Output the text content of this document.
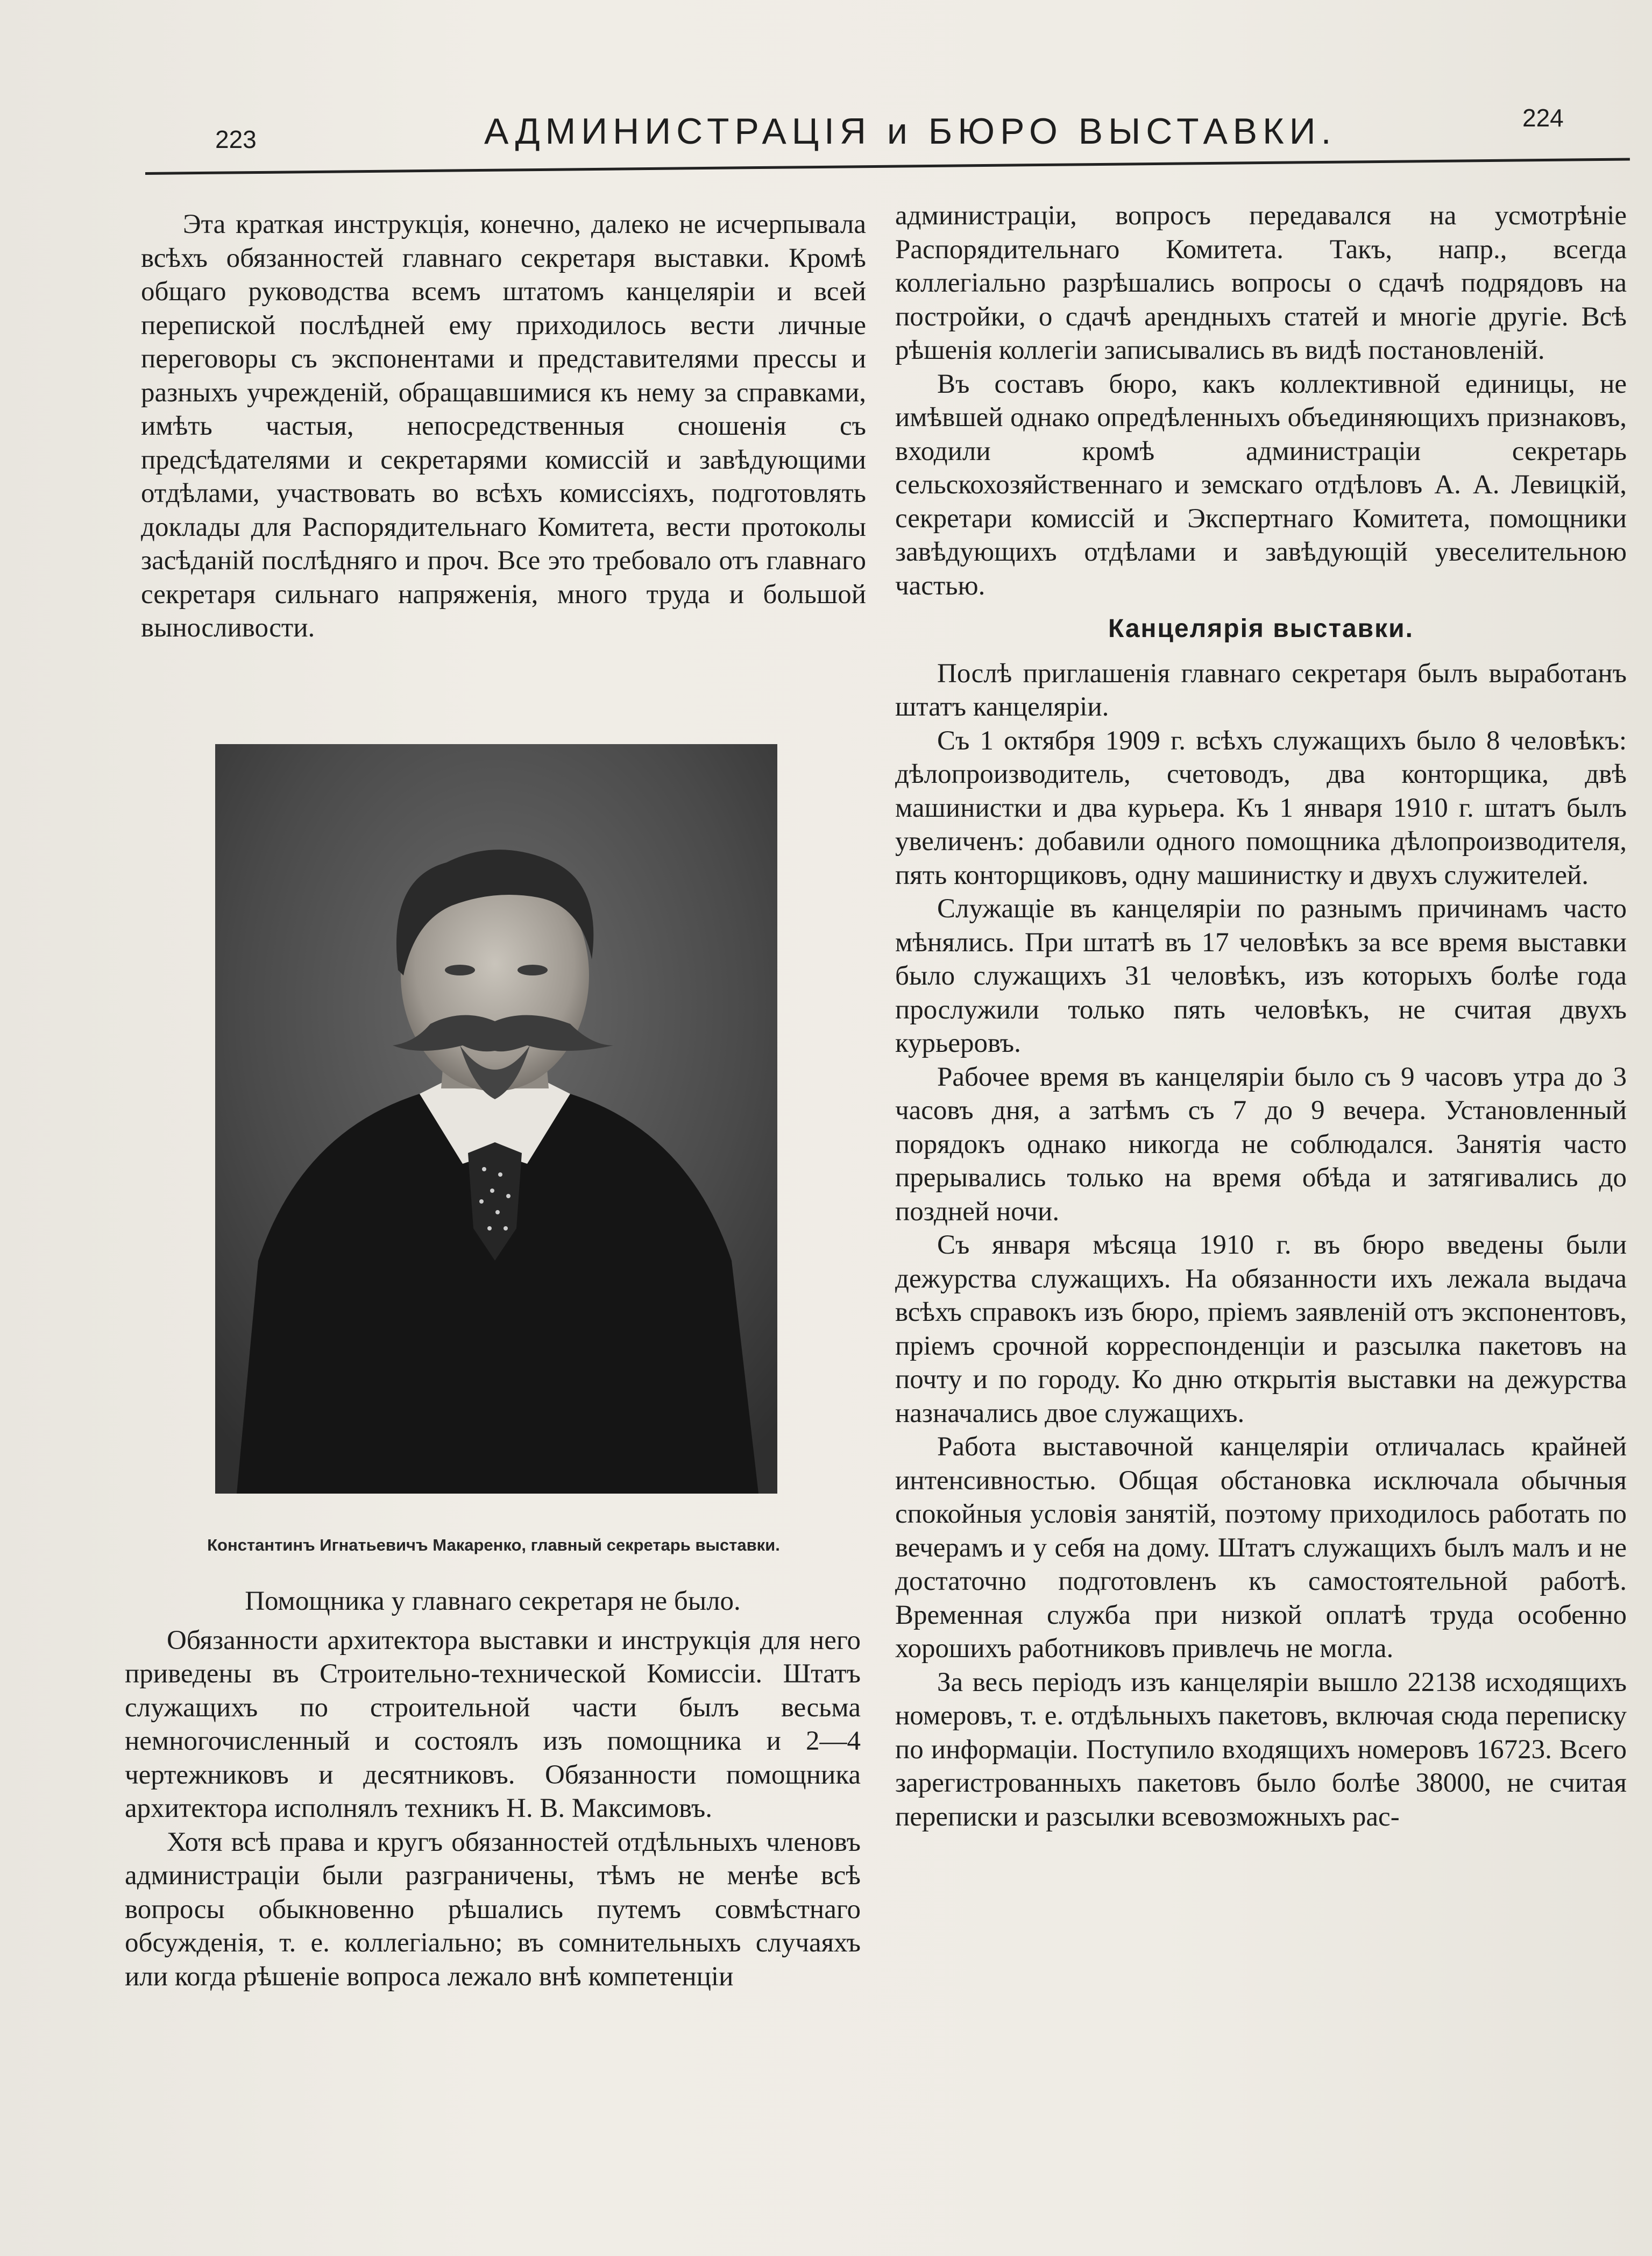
223	АДМИНИСТРАЦІЯ и БЮРО ВЫСТАВКИ.	224

Эта краткая инструкція, конечно, далеко не исчерпывала всѣхъ обязанностей главнаго секретаря выставки. Кромѣ общаго руководства всемъ штатомъ канцеляріи и всей перепиской послѣдней ему приходилось вести личные переговоры съ экспонентами и представителями прессы и разныхъ учрежденій, обращавшимися къ нему за справками, имѣть частыя, непосредственныя сношенія съ предсѣдателями и секретарями комиссій и завѣдующими отдѣлами, участвовать во всѣхъ комиссіяхъ, подготовлять доклады для Распорядительнаго Комитета, вести протоколы засѣданій послѣдняго и проч. Все это требовало отъ главнаго секретаря сильнаго напряженія, много труда и большой выносливости.

Константинъ Игнатьевичъ Макаренко, главный секретарь выставки.

Помощника у главнаго секретаря не было.

Обязанности архитектора выставки и инструкція для него приведены въ Строительно-технической Комиссіи. Штатъ служащихъ по строительной части былъ весьма немногочисленный и состоялъ изъ помощника и 2—4 чертежниковъ и десятниковъ. Обязанности помощника архитектора исполнялъ техникъ Н. В. Максимовъ.

Хотя всѣ права и кругъ обязанностей отдѣльныхъ членовъ администраціи были разграничены, тѣмъ не менѣе всѣ вопросы обыкновенно рѣшались путемъ совмѣстнаго обсужденія, т. е. коллегіально; въ сомнительныхъ случаяхъ или когда рѣшеніе вопроса лежало внѣ компетенціи

администраціи, вопросъ передавался на усмотрѣніе Распорядительнаго Комитета. Такъ, напр., всегда коллегіально разрѣшались вопросы о сдачѣ подрядовъ на постройки, о сдачѣ арендныхъ статей и многіе другіе. Всѣ рѣшенія коллегіи записывались въ видѣ постановленій.

Въ составъ бюро, какъ коллективной единицы, не имѣвшей однако опредѣленныхъ объединяющихъ признаковъ, входили кромѣ администраціи секретарь сельскохозяйственнаго и земскаго отдѣловъ А. А. Левицкій, секретари комиссій и Экспертнаго Комитета, помощники завѣдующихъ отдѣлами и завѣдующій увеселительною частью.

Канцелярія выставки.

Послѣ приглашенія главнаго секретаря былъ выработанъ штатъ канцеляріи.

Съ 1 октября 1909 г. всѣхъ служащихъ было 8 человѣкъ: дѣлопроизводитель, счетоводъ, два конторщика, двѣ машинистки и два курьера. Къ 1 января 1910 г. штатъ былъ увеличенъ: добавили одного помощника дѣлопроизводителя, пять конторщиковъ, одну машинистку и двухъ служителей.

Служащіе въ канцеляріи по разнымъ причинамъ часто мѣнялись. При штатѣ въ 17 человѣкъ за все время выставки было служащихъ 31 человѣкъ, изъ которыхъ болѣе года прослужили только пять человѣкъ, не считая двухъ курьеровъ.

Рабочее время въ канцеляріи было съ 9 часовъ утра до 3 часовъ дня, а затѣмъ съ 7 до 9 вечера. Установленный порядокъ однако никогда не соблюдался. Занятія часто прерывались только на время обѣда и затягивались до поздней ночи.

Съ января мѣсяца 1910 г. въ бюро введены были дежурства служащихъ. На обязанности ихъ лежала выдача всѣхъ справокъ изъ бюро, пріемъ заявленій отъ экспонентовъ, пріемъ срочной корреспонденціи и разсылка пакетовъ на почту и по городу. Ко дню открытія выставки на дежурства назначались двое служащихъ.

Работа выставочной канцеляріи отличалась крайней интенсивностью. Общая обстановка исключала обычныя спокойныя условія занятій, поэтому приходилось работать по вечерамъ и у себя на дому. Штатъ служащихъ былъ малъ и не достаточно подготовленъ къ самостоятельной работѣ. Временная служба при низкой оплатѣ труда особенно хорошихъ работниковъ привлечь не могла.

За весь періодъ изъ канцеляріи вышло 22138 исходящихъ номеровъ, т. е. отдѣльныхъ пакетовъ, включая сюда переписку по информаціи. Поступило входящихъ номеровъ 16723. Всего зарегистрованныхъ пакетовъ было болѣе 38000, не считая переписки и разсылки всевозможныхъ рас-
